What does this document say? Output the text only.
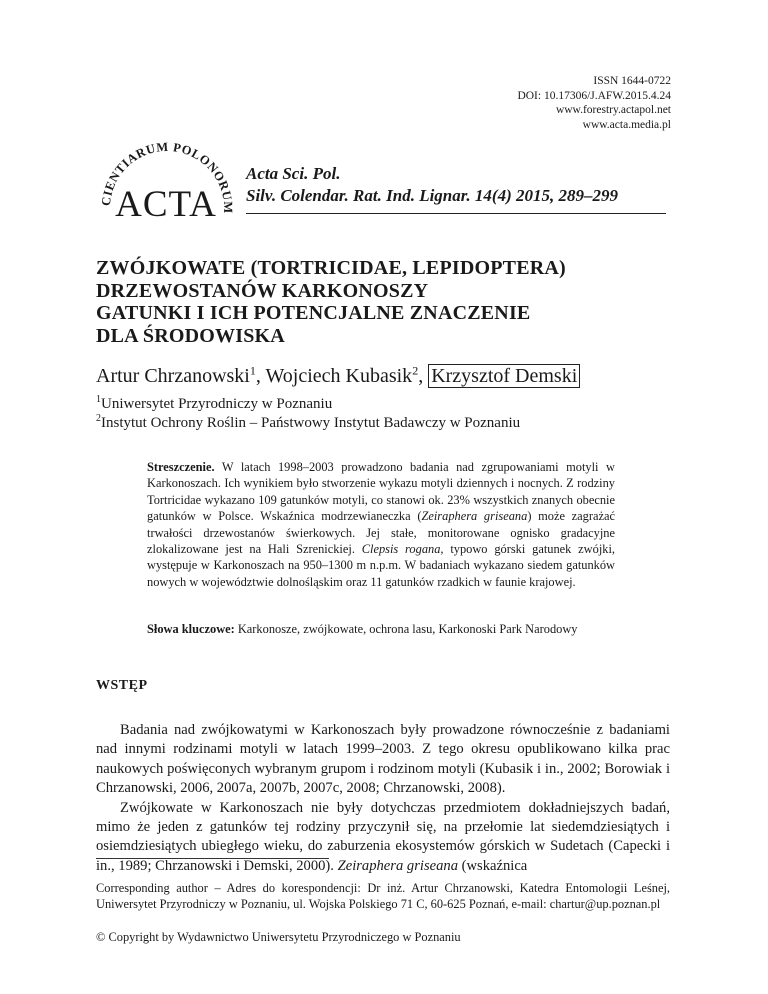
ISSN 1644-0722
DOI: 10.17306/J.AFW.2015.4.24
www.forestry.actapol.net
www.acta.media.pl
CIENTIARUM POLONORUM
ACTA
Acta Sci. Pol.
Silv. Colendar. Rat. Ind. Lignar. 14(4) 2015, 289–299
ZWÓJKOWATE (TORTRICIDAE, LEPIDOPTERA)
DRZEWOSTANÓW KARKONOSZY
GATUNKI I ICH POTENCJALNE ZNACZENIE
DLA ŚRODOWISKA
Artur Chrzanowski$^1$, Wojciech Kubasik$^2$, Krzysztof Demski
$^1$Uniwersytet Przyrodniczy w Poznaniu
$^2$Instytut Ochrony Roślin – Państwowy Instytut Badawczy w Poznaniu
Streszczenie. W latach 1998–2003 prowadzono badania nad zgrupowaniami motyli w Karkonoszach. Ich wynikiem było stworzenie wykazu motyli dziennych i nocnych. Z rodziny Tortricidae wykazano 109 gatunków motyli, co stanowi ok. 23% wszystkich znanych obecnie gatunków w Polsce. Wskaźnica modrzewianeczka (Zeiraphera griseana) może zagrażać trwałości drzewostanów świerkowych. Jej stałe, monitorowane ognisko gradacyjne zlokalizowane jest na Hali Szrenickiej. Clepsis rogana, typowo górski gatunek zwójki, występuje w Karkonoszach na 950–1300 m n.p.m. W badaniach wykazano siedem gatunków nowych w województwie dolnośląskim oraz 11 gatunków rzadkich w faunie krajowej.
Słowa kluczowe: Karkonosze, zwójkowate, ochrona lasu, Karkonoski Park Narodowy
WSTĘP

Badania nad zwójkowatymi w Karkonoszach były prowadzone równocześnie z badaniami nad innymi rodzinami motyli w latach 1999–2003. Z tego okresu opublikowano kilka prac naukowych poświęconych wybranym grupom i rodzinom motyli (Kubasik i in., 2002; Borowiak i Chrzanowski, 2006, 2007a, 2007b, 2007c, 2008; Chrzanowski, 2008).

Zwójkowate w Karkonoszach nie były dotychczas przedmiotem dokładniejszych badań, mimo że jeden z gatunków tej rodziny przyczynił się, na przełomie lat siedemdziesiątych i osiemdziesiątych ubiegłego wieku, do zaburzenia ekosystemów górskich w Sudetach (Capecki i in., 1989; Chrzanowski i Demski, 2000). Zeiraphera griseana (wskaźnica

Corresponding author – Adres do korespondencji: Dr inż. Artur Chrzanowski, Katedra Entomologii Leśnej, Uniwersytet Przyrodniczy w Poznaniu, ul. Wojska Polskiego 71 C, 60-625 Poznań, e-mail: chartur@up.poznan.pl
© Copyright by Wydawnictwo Uniwersytetu Przyrodniczego w Poznaniu
